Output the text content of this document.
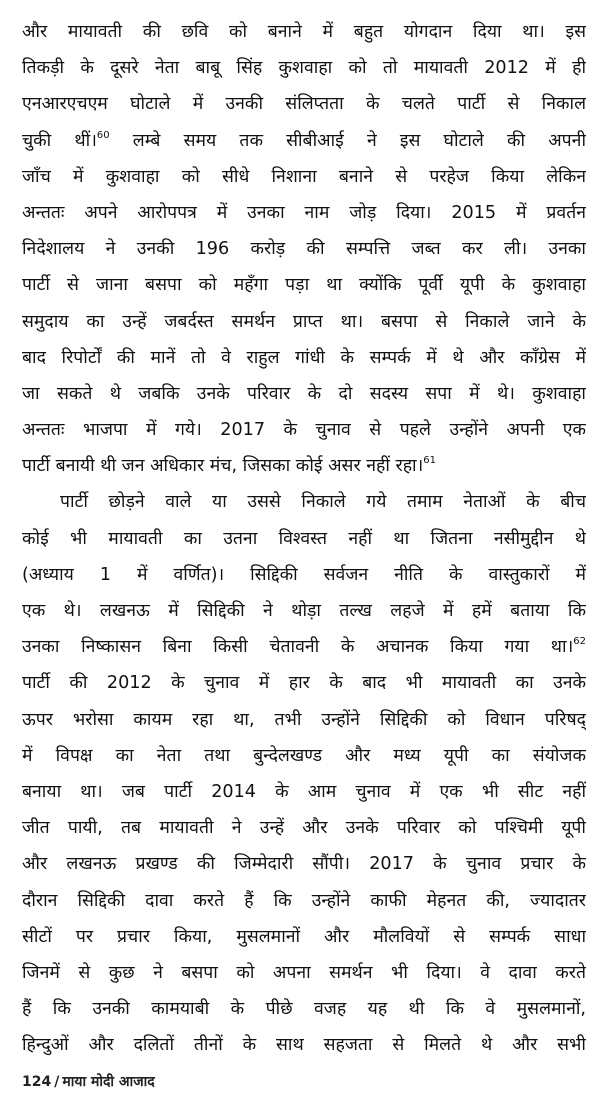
और मायावती की छवि को बनाने में बहुत योगदान दिया था। इस
तिकड़ी के दूसरे नेता बाबू सिंह कुशवाहा को तो मायावती 2012 में ही
एनआरएचएम घोटाले में उनकी संलिप्तता के चलते पार्टी से निकाल
चुकी थीं।$^{60}$ लम्बे समय तक सीबीआई ने इस घोटाले की अपनी
जाँच में कुशवाहा को सीधे निशाना बनाने से परहेज किया लेकिन
अन्ततः अपने आरोपपत्र में उनका नाम जोड़ दिया। 2015 में प्रवर्तन
निदेशालय ने उनकी 196 करोड़ की सम्पत्ति जब्त कर ली। उनका
पार्टी से जाना बसपा को महँगा पड़ा था क्योंकि पूर्वी यूपी के कुशवाहा
समुदाय का उन्हें जबर्दस्त समर्थन प्राप्त था। बसपा से निकाले जाने के
बाद रिपोर्टों की मानें तो वे राहुल गांधी के सम्पर्क में थे और काँग्रेस में
जा सकते थे जबकि उनके परिवार के दो सदस्य सपा में थे। कुशवाहा
अन्ततः भाजपा में गये। 2017 के चुनाव से पहले उन्होंने अपनी एक
पार्टी बनायी थी जन अधिकार मंच, जिसका कोई असर नहीं रहा।$^{61}$
पार्टी छोड़ने वाले या उससे निकाले गये तमाम नेताओं के बीच
कोई भी मायावती का उतना विश्वस्त नहीं था जितना नसीमुद्दीन थे
(अध्याय 1 में वर्णित)। सिद्दिकी सर्वजन नीति के वास्तुकारों में
एक थे। लखनऊ में सिद्दिकी ने थोड़ा तल्ख लहजे में हमें बताया कि
उनका निष्कासन बिना किसी चेतावनी के अचानक किया गया था।$^{62}$
पार्टी की 2012 के चुनाव में हार के बाद भी मायावती का उनके
ऊपर भरोसा कायम रहा था, तभी उन्होंने सिद्दिकी को विधान परिषद्
में विपक्ष का नेता तथा बुन्देलखण्ड और मध्य यूपी का संयोजक
बनाया था। जब पार्टी 2014 के आम चुनाव में एक भी सीट नहीं
जीत पायी, तब मायावती ने उन्हें और उनके परिवार को पश्चिमी यूपी
और लखनऊ प्रखण्ड की जिम्मेदारी सौंपी। 2017 के चुनाव प्रचार के
दौरान सिद्दिकी दावा करते हैं कि उन्होंने काफी मेहनत की, ज्यादातर
सीटों पर प्रचार किया, मुसलमानों और मौलवियों से सम्पर्क साधा
जिनमें से कुछ ने बसपा को अपना समर्थन भी दिया। वे दावा करते
हैं कि उनकी कामयाबी के पीछे वजह यह थी कि वे मुसलमानों,
हिन्दुओं और दलितों तीनों के साथ सहजता से मिलते थे और सभी
124 / माया मोदी आजाद
